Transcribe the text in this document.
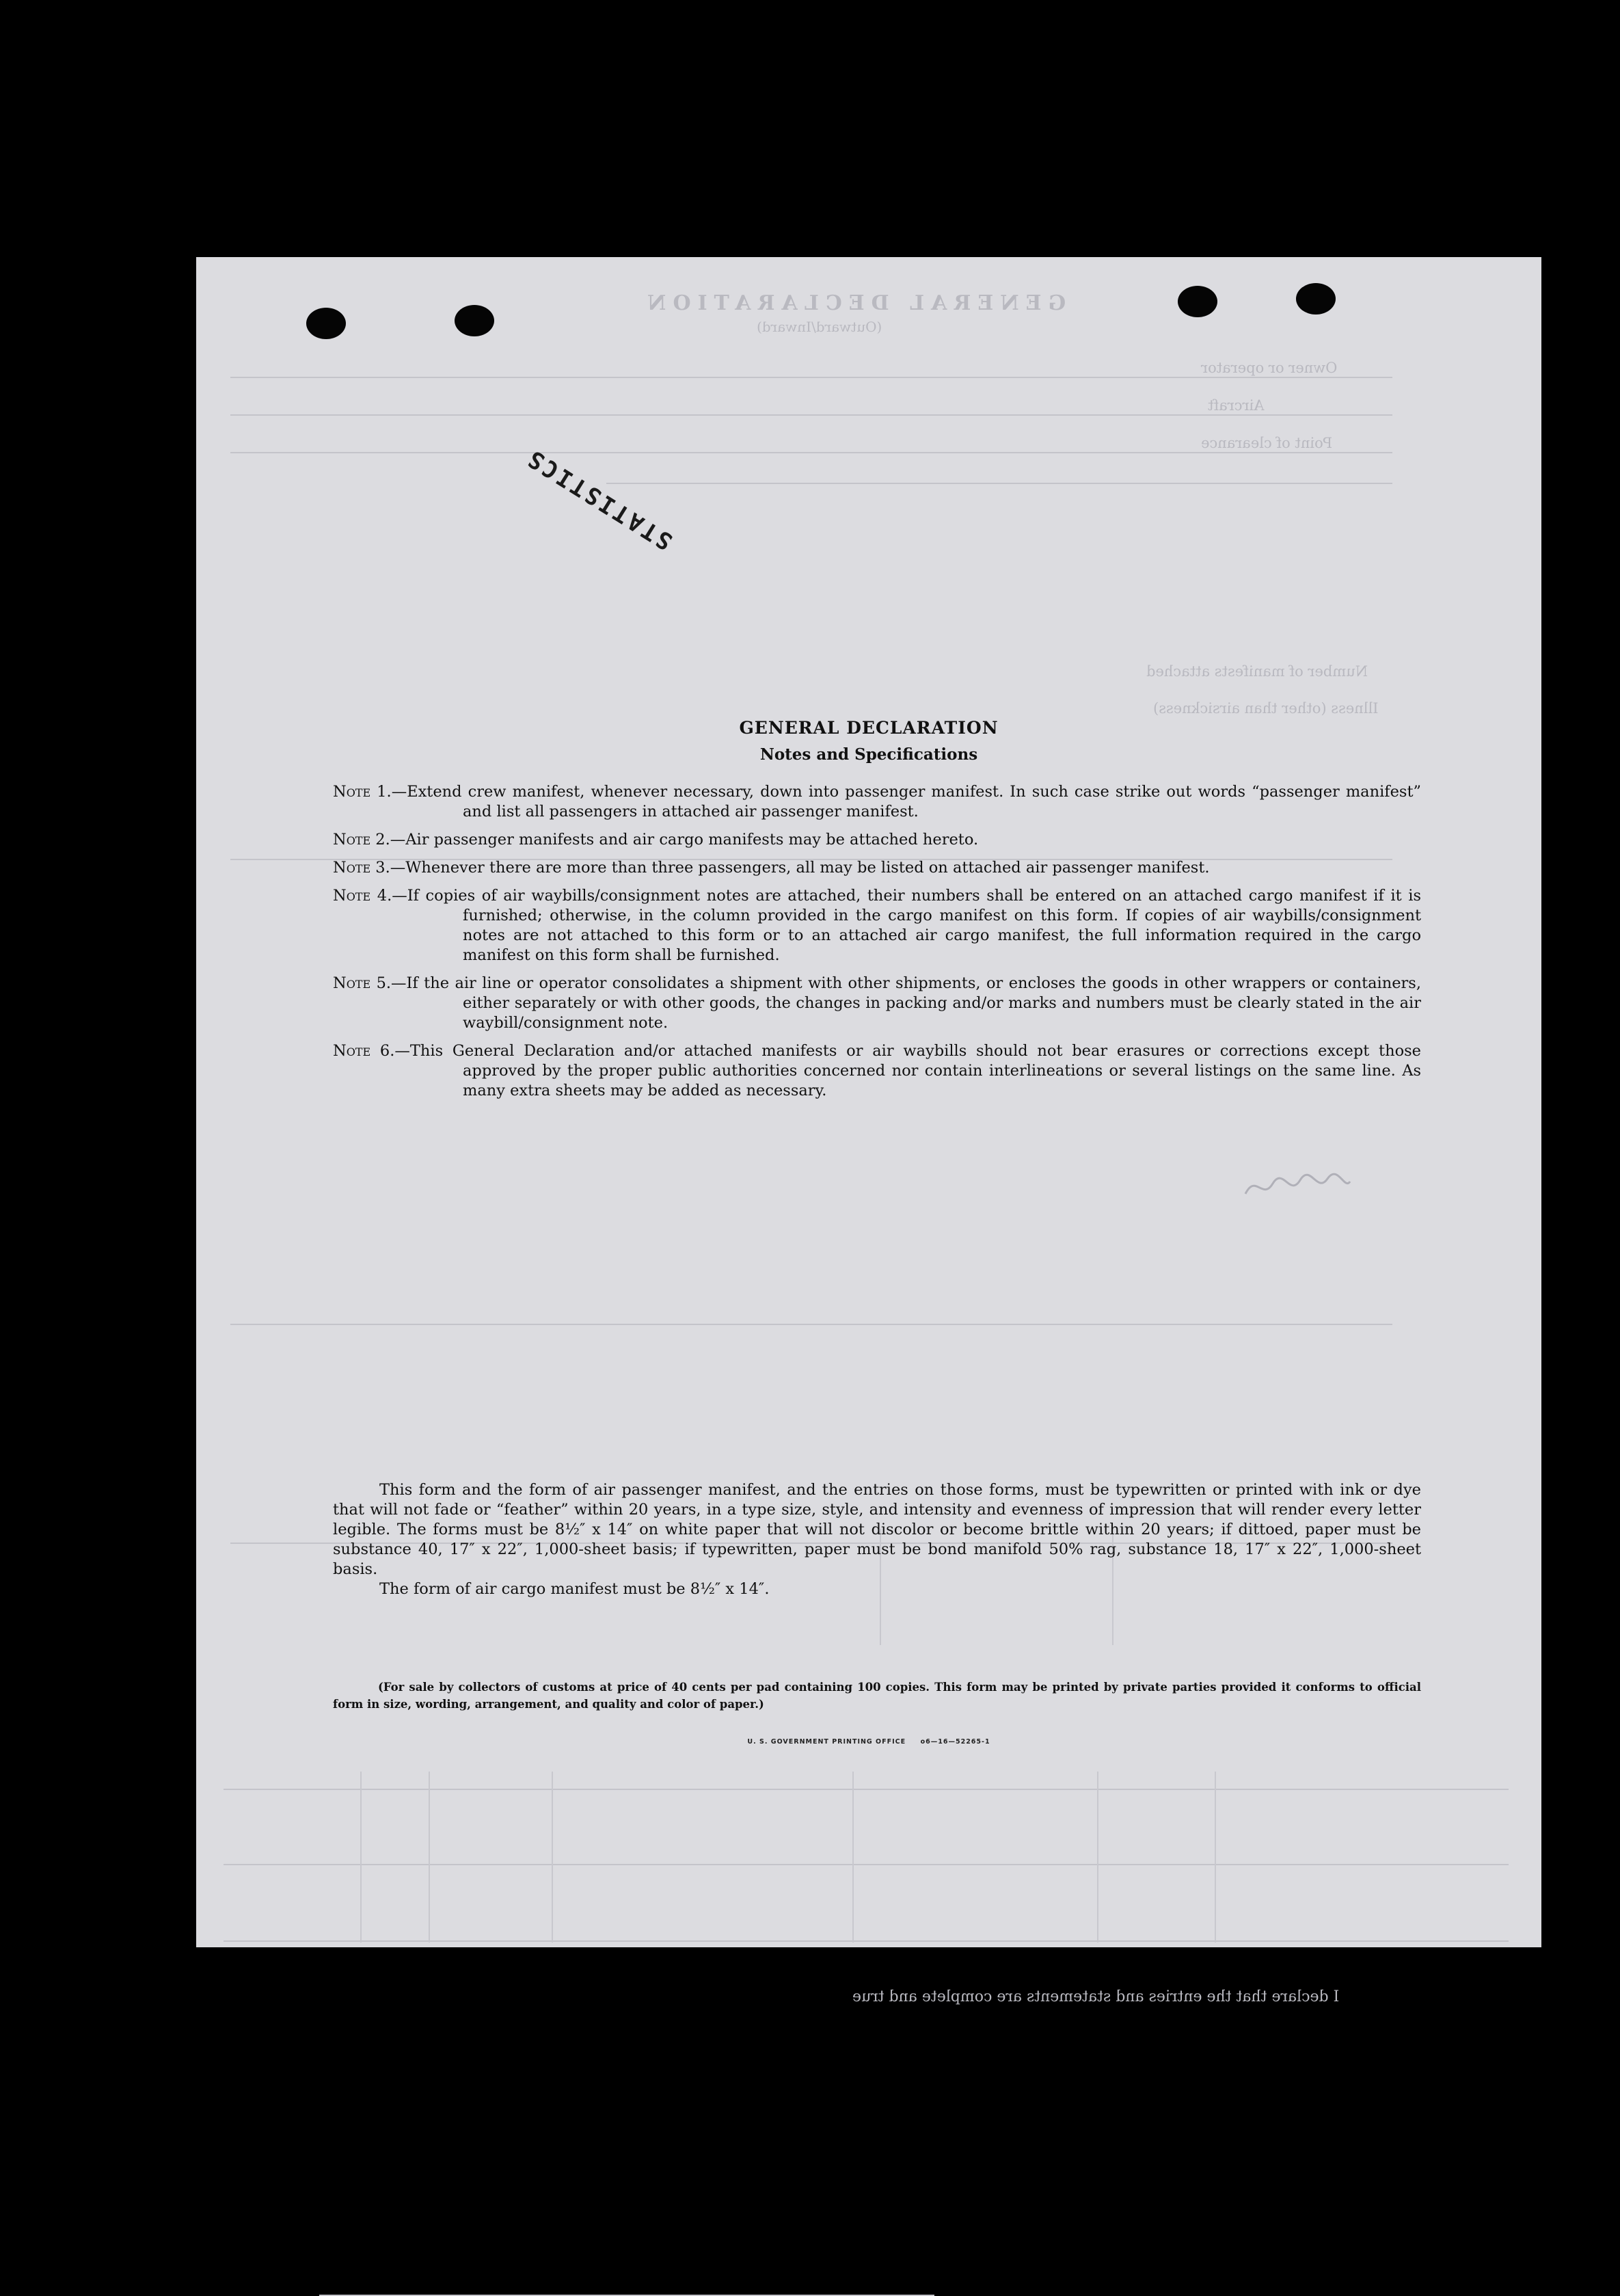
GENERAL DECLARATION
(Outward/Inward)
Owner or operator
Aircraft
Point of clearance
Number of manifests attached
Illness (other than airsickness)
I declare that the entries and statements are complete and true
STATISTICS
GENERAL DECLARATION
Notes and Specifications
Note 1.—Extend crew manifest, whenever necessary, down into passenger manifest. In such case strike out words “passenger manifest” and list all passengers in attached air passenger manifest.
Note 2.—Air passenger manifests and air cargo manifests may be attached hereto.
Note 3.—Whenever there are more than three passengers, all may be listed on attached air passenger manifest.
Note 4.—If copies of air waybills/consignment notes are attached, their numbers shall be entered on an attached cargo manifest if it is furnished; otherwise, in the column provided in the cargo manifest on this form. If copies of air waybills/consignment notes are not attached to this form or to an attached air cargo manifest, the full information required in the cargo manifest on this form shall be furnished.
Note 5.—If the air line or operator consolidates a shipment with other shipments, or encloses the goods in other wrappers or containers, either separately or with other goods, the changes in packing and/or marks and numbers must be clearly stated in the air waybill/consignment note.
Note 6.—This General Declaration and/or attached manifests or air waybills should not bear erasures or corrections except those approved by the proper public authorities concerned nor contain interlineations or several listings on the same line. As many extra sheets may be added as necessary.

This form and the form of air passenger manifest, and the entries on those forms, must be typewritten or printed with ink or dye that will not fade or “feather” within 20 years, in a type size, style, and intensity and evenness of impression that will render every letter legible. The forms must be 8½″ x 14″ on white paper that will not discolor or become brittle within 20 years; if dittoed, paper must be substance 40, 17″ x 22″, 1,000-sheet basis; if typewritten, paper must be bond manifold 50% rag, substance 18, 17″ x 22″, 1,000-sheet basis.

The form of air cargo manifest must be 8½″ x 14″.

(For sale by collectors of customs at price of 40 cents per pad containing 100 copies. This form may be printed by private parties provided it conforms to official form in size, wording, arrangement, and quality and color of paper.)
U. S. GOVERNMENT PRINTING OFFICE     o6—16—52265-1
